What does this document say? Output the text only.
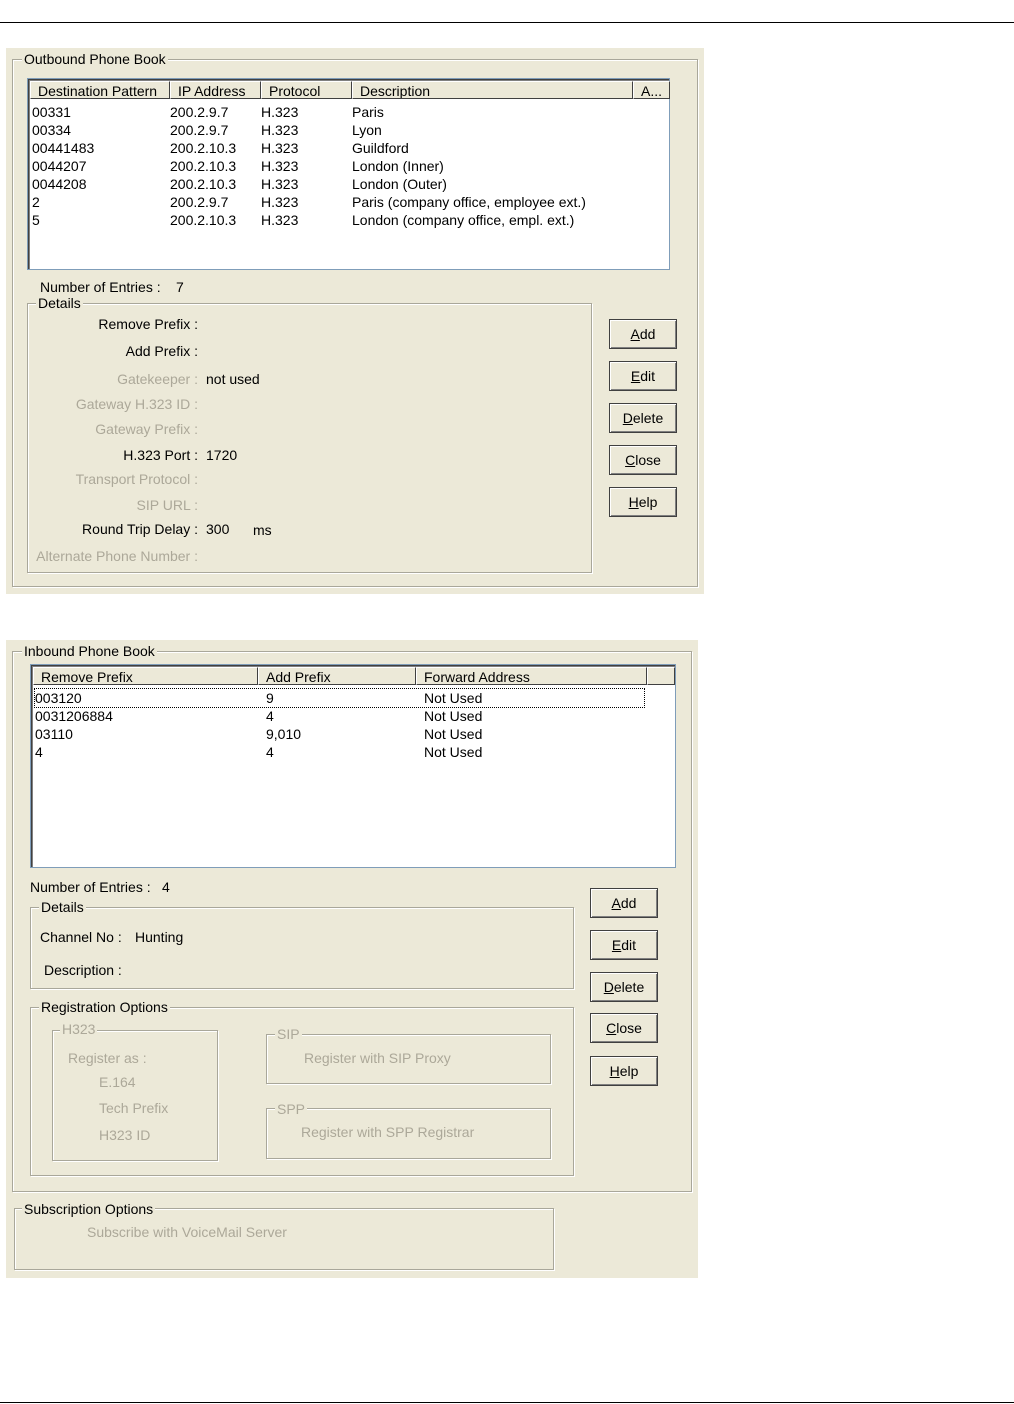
Outbound Phone Book
Destination Pattern	IP Address	Protocol	Description	A...
00331	200.2.9.7 H.323	Paris
00334	200.2.9.7 H.323	Lyon
00441483	200.2.10.3 H.323	Guildford
0044207	200.2.10.3 H.323	London (Inner)
0044208	200.2.10.3 H.323	London (Outer)
2	200.2.9.7 H.323	Paris (company office, employee ext.)
5	200.2.10.3 H.323	London (company office, empl. ext.)
Number of Entries : 7
Details
Remove Prefix :
Add Prefix :
Gatekeeper : not used
Gateway H.323 ID :
Gateway Prefix :
H.323 Port : 1720
Transport Protocol :
SIP URL :
Round Trip Delay : 300 ms
Alternate Phone Number :
Add
Edit
Delete
Close
Help
Inbound Phone Book
Remove Prefix	Add Prefix	Forward Address
003120	9	Not Used
0031206884	4	Not Used
03110	9,010	Not Used
4	4	Not Used
Number of Entries : 4
Details
Channel No : Hunting
Description :
Registration Options
H323
Register as :
E.164
Tech Prefix
H323 ID
SIP
Register with SIP Proxy
SPP
Register with SPP Registrar
Add
Edit
Delete
Close
Help
Subscription Options
Subscribe with VoiceMail Server
